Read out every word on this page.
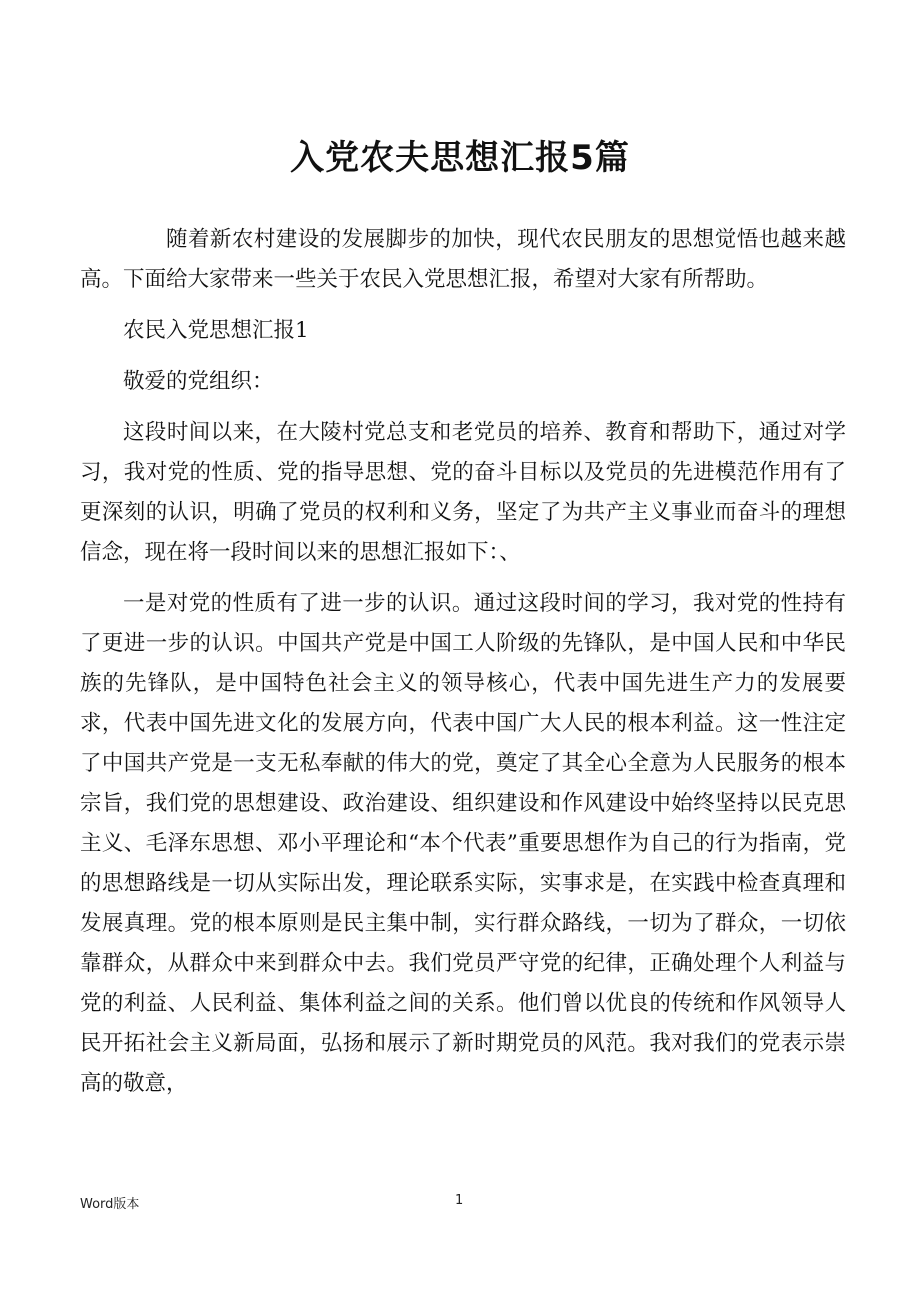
入党农夫思想汇报5篇

随着新农村建设的发展脚步的加快，现代农民朋友的思想觉悟也越来越高。下面给大家带来一些关于农民入党思想汇报，希望对大家有所帮助。

农民入党思想汇报1

敬爱的党组织：

这段时间以来，在大陵村党总支和老党员的培养、教育和帮助下，通过对学习，我对党的性质、党的指导思想、党的奋斗目标以及党员的先进模范作用有了更深刻的认识，明确了党员的权利和义务，坚定了为共产主义事业而奋斗的理想信念，现在将一段时间以来的思想汇报如下：、

一是对党的性质有了进一步的认识。通过这段时间的学习，我对党的性持有了更进一步的认识。中国共产党是中国工人阶级的先锋队，是中国人民和中华民族的先锋队，是中国特色社会主义的领导核心，代表中国先进生产力的发展要求，代表中国先进文化的发展方向，代表中国广大人民的根本利益。这一性注定了中国共产党是一支无私奉献的伟大的党，奠定了其全心全意为人民服务的根本宗旨，我们党的思想建设、政治建设、组织建设和作风建设中始终坚持以民克思主义、毛泽东思想、邓小平理论和“本个代表”重要思想作为自己的行为指南，党的思想路线是一切从实际出发，理论联系实际，实事求是，在实践中检查真理和发展真理。党的根本原则是民主集中制，实行群众路线，一切为了群众，一切依靠群众，从群众中来到群众中去。我们党员严守党的纪律，正确处理个人利益与党的利益、人民利益、集体利益之间的关系。他们曾以优良的传统和作风领导人民开拓社会主义新局面，弘扬和展示了新时期党员的风范。我对我们的党表示崇高的敬意，

Word版本	1
